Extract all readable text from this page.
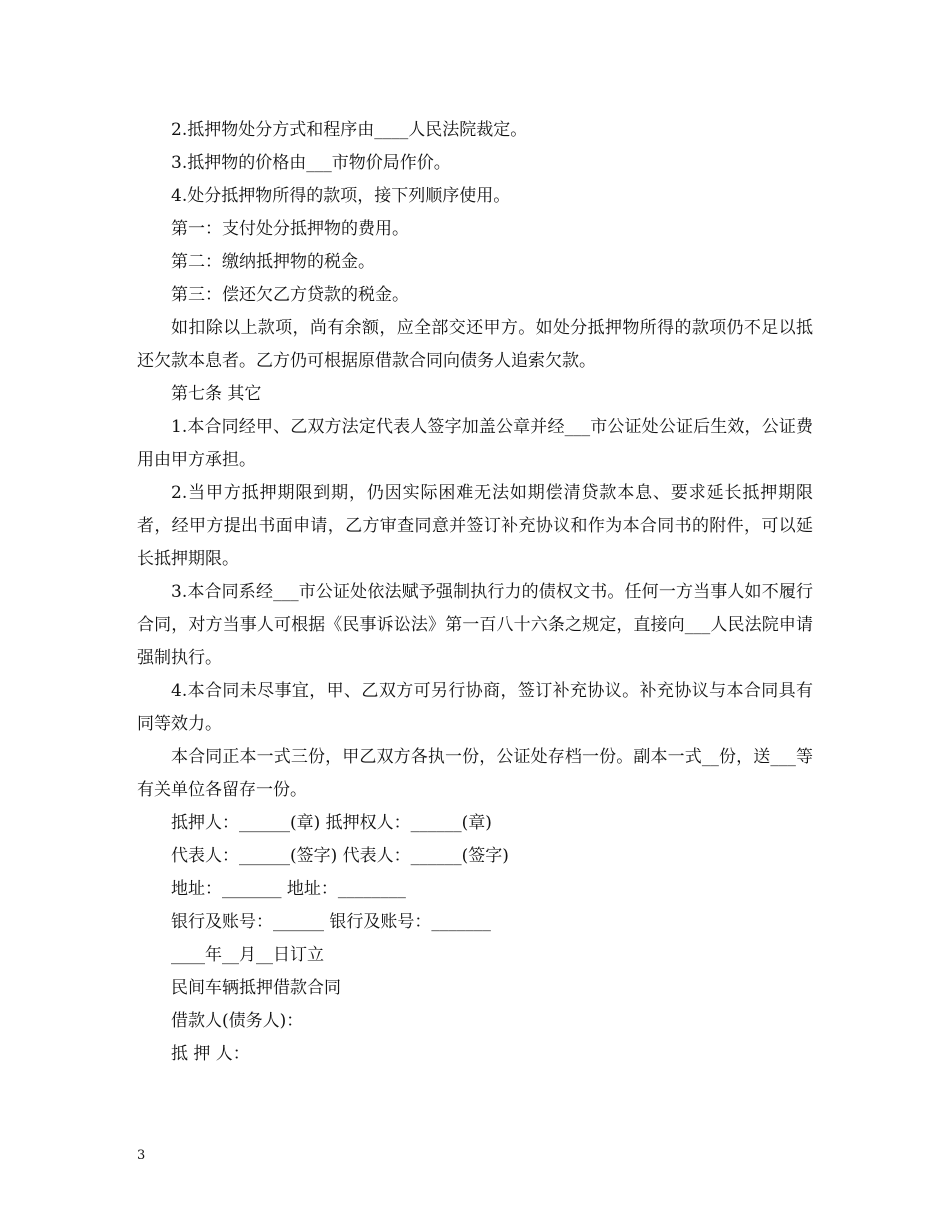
2.抵押物处分方式和程序由____人民法院裁定。

3.抵押物的价格由___市物价局作价。

4.处分抵押物所得的款项，接下列顺序使用。

第一：支付处分抵押物的费用。

第二：缴纳抵押物的税金。

第三：偿还欠乙方贷款的税金。

如扣除以上款项，尚有余额，应全部交还甲方。如处分抵押物所得的款项仍不足以抵还欠款本息者。乙方仍可根据原借款合同向债务人追索欠款。

第七条 其它

1.本合同经甲、乙双方法定代表人签字加盖公章并经___市公证处公证后生效，公证费用由甲方承担。

2.当甲方抵押期限到期，仍因实际困难无法如期偿清贷款本息、要求延长抵押期限者，经甲方提出书面申请，乙方审查同意并签订补充协议和作为本合同书的附件，可以延长抵押期限。

3.本合同系经___市公证处依法赋予强制执行力的债权文书。任何一方当事人如不履行合同，对方当事人可根据《民事诉讼法》第一百八十六条之规定，直接向___人民法院申请强制执行。

4.本合同未尽事宜，甲、乙双方可另行协商，签订补充协议。补充协议与本合同具有同等效力。

本合同正本一式三份，甲乙双方各执一份，公证处存档一份。副本一式__份，送___等有关单位各留存一份。

抵押人：______(章) 抵押权人：______(章)

代表人：______(签字) 代表人：______(签字)

地址：_______ 地址：________

银行及账号：______ 银行及账号：_______

____年__月__日订立

民间车辆抵押借款合同

借款人(债务人)：

抵 押 人：

3
